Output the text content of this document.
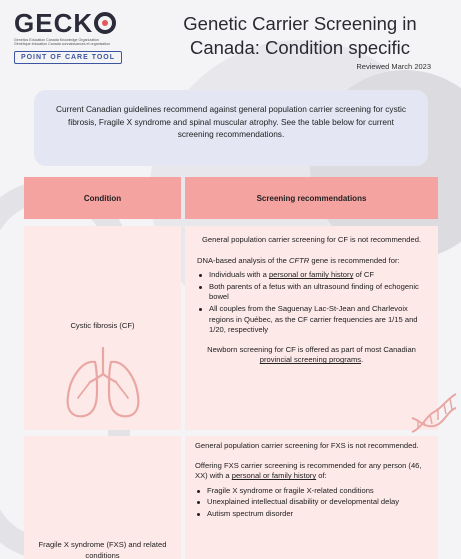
GECK
Genetics Education Canada Knowledge Organization
Génétique éducation Canada connaissances et organisation
POINT OF CARE TOOL
Genetic Carrier Screening in Canada: Condition specific
Reviewed March 2023
Current Canadian guidelines recommend against general population carrier screening for cystic fibrosis, Fragile X syndrome and spinal muscular atrophy. See the table below for current screening recommendations.
Condition	Screening recommendations
Cystic fibrosis (CF)

General population carrier screening for CF is not recommended.

DNA-based analysis of the CFTR gene is recommended for:

Individuals with a personal or family history of CF
Both parents of a fetus with an ultrasound finding of echogenic bowel
All couples from the Saguenay Lac-St-Jean and Charlevoix regions in Québec, as the CF carrier frequencies are 1/15 and 1/20, respectively

Newborn screening for CF is offered as part of most Canadian provincial screening programs.

Fragile X syndrome (FXS) and related conditions

General population carrier screening for FXS is not recommended.

Offering FXS carrier screening is recommended for any person (46, XX) with a personal or family history of:

Fragile X syndrome or fragile X-related conditions
Unexplained intellectual disability or developmental delay
Autism spectrum disorder
